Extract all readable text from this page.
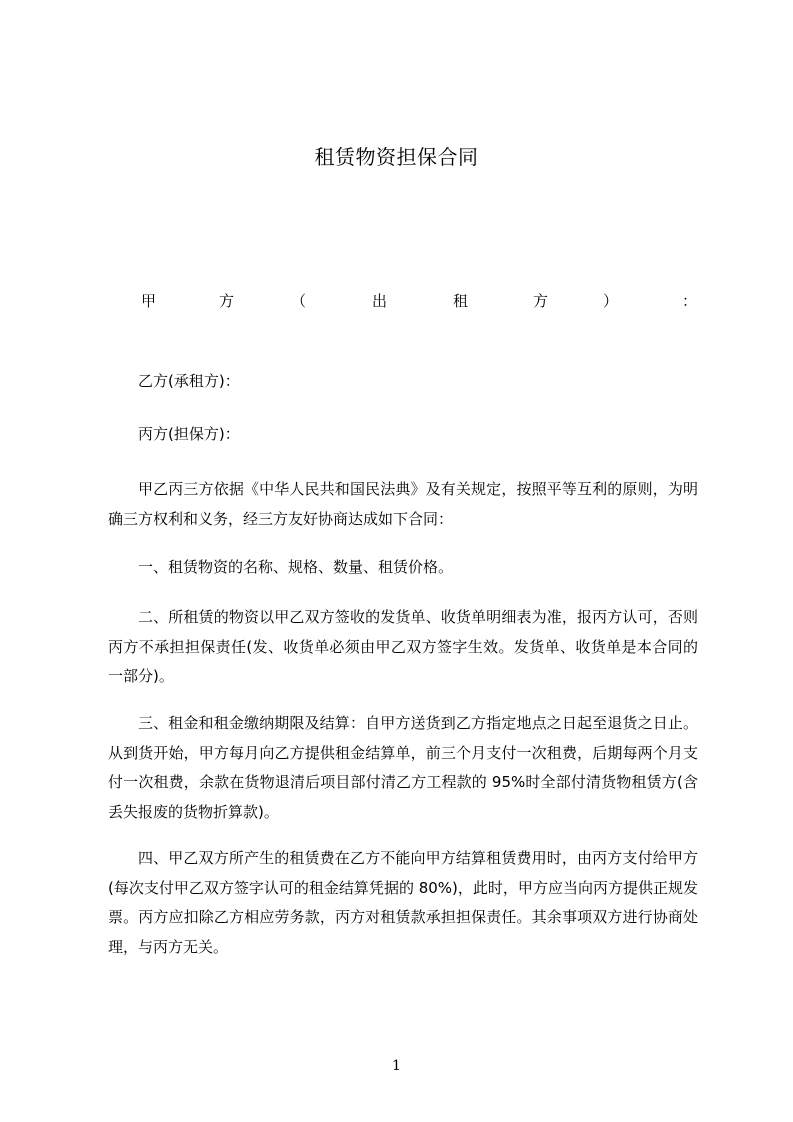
租赁物资担保合同
甲	方	（	出	租	方	）	：

乙方(承租方)：

丙方(担保方)：

甲乙丙三方依据《中华人民共和国民法典》及有关规定，按照平等互利的原则，为明确三方权利和义务，经三方友好协商达成如下合同：

一、租赁物资的名称、规格、数量、租赁价格。

二、所租赁的物资以甲乙双方签收的发货单、收货单明细表为准，报丙方认可，否则丙方不承担担保责任(发、收货单必须由甲乙双方签字生效。发货单、收货单是本合同的一部分)。

三、租金和租金缴纳期限及结算：自甲方送货到乙方指定地点之日起至退货之日止。从到货开始，甲方每月向乙方提供租金结算单，前三个月支付一次租费，后期每两个月支付一次租费，余款在货物退清后项目部付清乙方工程款的 95%时全部付清货物租赁方(含丢失报废的货物折算款)。

四、甲乙双方所产生的租赁费在乙方不能向甲方结算租赁费用时，由丙方支付给甲方(每次支付甲乙双方签字认可的租金结算凭据的 80%)，此时，甲方应当向丙方提供正规发票。丙方应扣除乙方相应劳务款，丙方对租赁款承担担保责任。其余事项双方进行协商处理，与丙方无关。

1
